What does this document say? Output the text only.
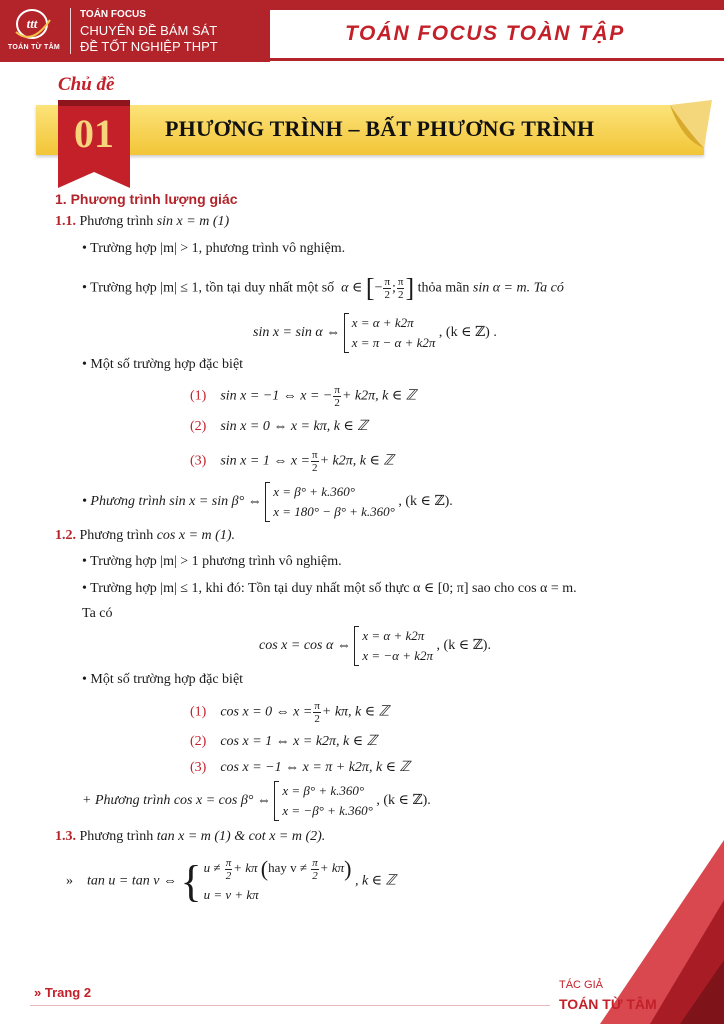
ttt
TOÁN TỪ TÂM
TOÁN FOCUS
CHUYÊN ĐỀ BÁM SÁT
ĐỀ TỐT NGHIỆP THPT
TOÁN FOCUS TOÀN TẬP
Chủ đề
01	PHƯƠNG TRÌNH – BẤT PHƯƠNG TRÌNH
1. Phương trình lượng giác
1.1. Phương trình sin x = m (1)
• Trường hợp |m| > 1, phương trình vô nghiệm.
• Trường hợp |m| ≤ 1, tồn tại duy nhất một số  α ∈ [− $\frac{\pi}{2}$ ; $\frac{\pi}{2}$ ] thỏa mãn sin α = m. Ta có
sin x = sin α ⇔
x = α + k2π
x = π − α + k2π
, (k ∈ ℤ) .
• Một số trường hợp đặc biệt
(1) sin x = −1 ⇔ x = − $\frac{\pi}{2} + k2\pi$, k ∈ ℤ
(2) sin x = 0 ⇔ x = kπ, k ∈ ℤ
(3) sin x = 1 ⇔ $x = \frac{\pi}{2} + k2\pi$, k ∈ ℤ
• Phương trình sin x = sin β° ⇔
x = β° + k.360°
x = 180° − β° + k.360°
, (k ∈ ℤ).
1.2. Phương trình cos x = m (1).
• Trường hợp |m| > 1 phương trình vô nghiệm.
• Trường hợp |m| ≤ 1, khi đó: Tồn tại duy nhất một số thực α ∈ [0; π] sao cho cos α = m.
Ta có
cos x = cos α ⇔
x = α + k2π
x = −α + k2π
, (k ∈ ℤ).
• Một số trường hợp đặc biệt
(1) cos x = 0 ⇔ $x = \frac{\pi}{2} + k\pi$, k ∈ ℤ
(2) cos x = 1 ⇔ x = k2π, k ∈ ℤ
(3) cos x = −1 ⇔ x = π + k2π, k ∈ ℤ
+ Phương trình cos x = cos β° ⇔
x = β° + k.360°
x = −β° + k.360°
, (k ∈ ℤ).
1.3. Phương trình tan x = m (1) & cot x = m (2).
» tan u = tan v ⇔ { $u \ne \frac{\pi}{2} + k\pi$ (hay $v \ne \frac{\pi}{2} + k\pi$)
u = v + kπ
, k ∈ ℤ
» Trang 2	TÁC GIẢ
TOÁN TỪ TÂM
